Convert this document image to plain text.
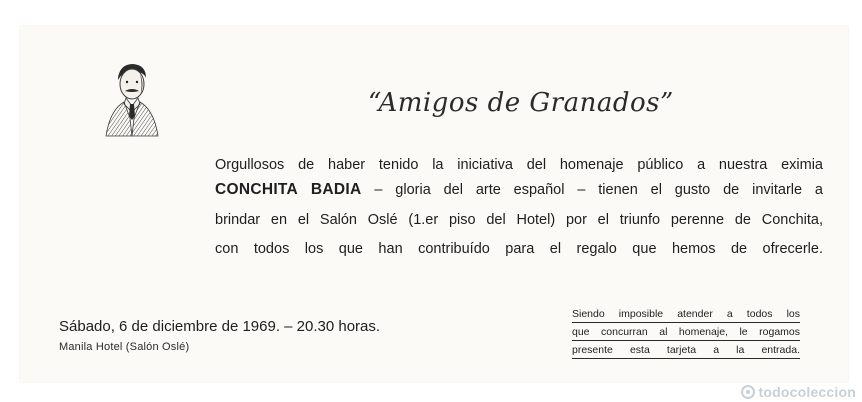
“Amigos de Granados”
Orgullosos de haber tenido la iniciativa del homenaje público a nuestra eximia
CONCHITA BADIA – gloria del arte español – tienen el gusto de invitarle a
brindar en el Salón Oslé (1.er piso del Hotel) por el triunfo perenne de Conchita,
con todos los que han contribuído para el regalo que hemos de ofrecerle.
Sábado, 6 de diciembre de 1969. – 20.30 horas.
Manila Hotel (Salón Oslé)
Siendo imposible atender a todos los
que concurran al homenaje, le rogamos
presente esta tarjeta a la entrada.
todocoleccion
